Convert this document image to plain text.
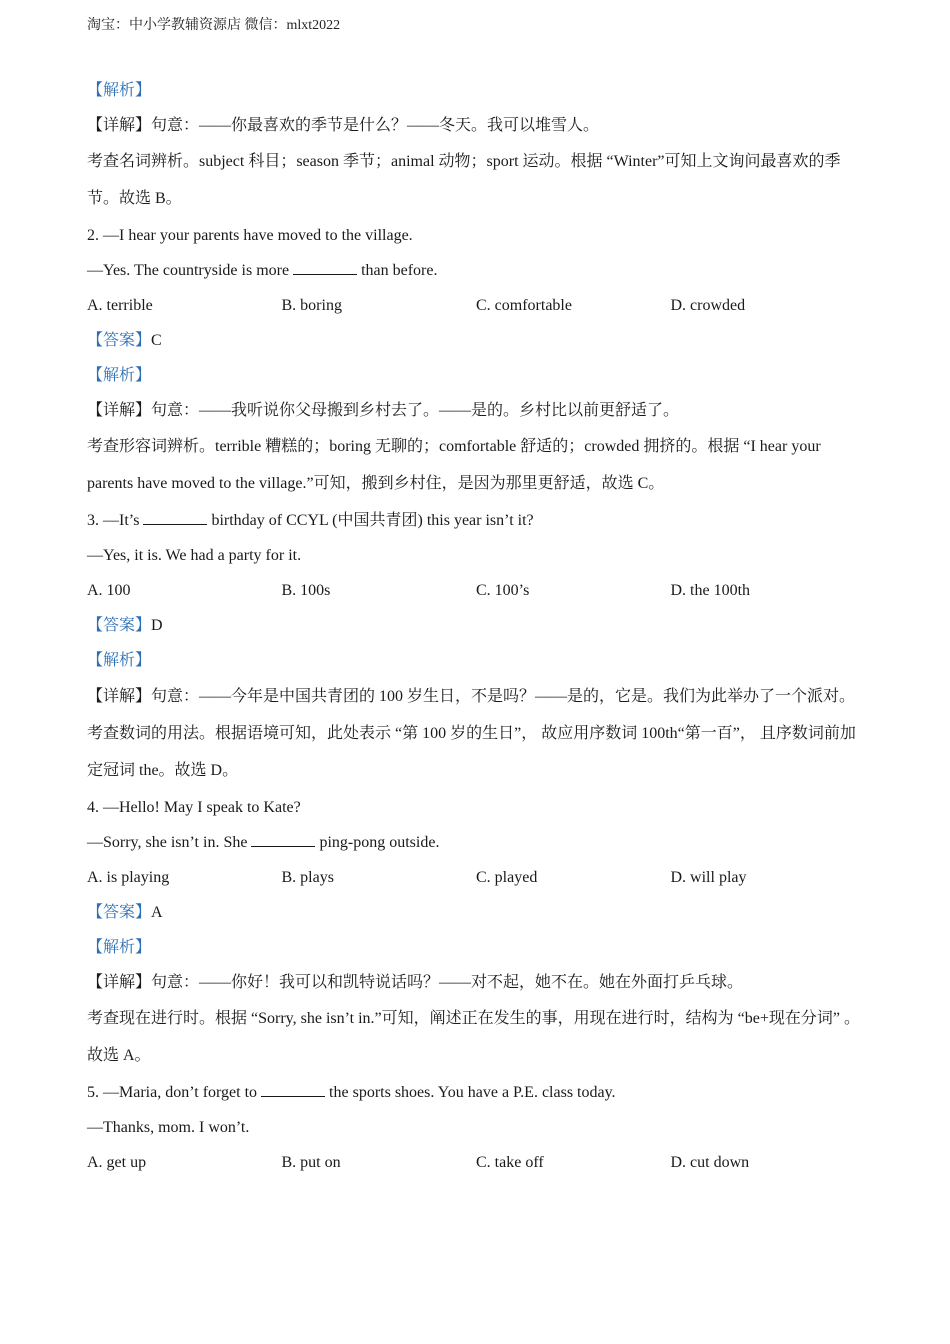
淘宝：中小学教辅资源店 微信：mlxt2022
【解析】
【详解】句意：——你最喜欢的季节是什么？——冬天。我可以堆雪人。
考查名词辨析。subject 科目；season 季节；animal 动物；sport 运动。根据 “Winter”可知上文询问最喜欢的季节。故选 B。
2. —I hear your parents have moved to the village.
—Yes. The countryside is more	than before.
A. terrible	B. boring	C. comfortable	D. crowded
【答案】C
【解析】
【详解】句意：——我听说你父母搬到乡村去了。——是的。乡村比以前更舒适了。
考查形容词辨析。terrible 糟糕的；boring 无聊的；comfortable 舒适的；crowded 拥挤的。根据 “I hear your parents have moved to the village.”可知，搬到乡村住，是因为那里更舒适，故选 C。
3. —It’s	birthday of CCYL (中国共青团) this year isn’t it?
—Yes, it is. We had a party for it.
A. 100	B. 100s	C. 100’s	D. the 100th
【答案】D
【解析】
【详解】句意：——今年是中国共青团的 100 岁生日，不是吗？——是的，它是。我们为此举办了一个派对。
考查数词的用法。根据语境可知，此处表示 “第 100 岁的生日”， 故应用序数词 100th“第一百”， 且序数词前加定冠词 the。故选 D。
4. —Hello! May I speak to Kate?
—Sorry, she isn’t in. She	ping-pong outside.
A. is playing	B. plays	C. played	D. will play
【答案】A
【解析】
【详解】句意：——你好！我可以和凯特说话吗？——对不起，她不在。她在外面打乒乓球。
考查现在进行时。根据 “Sorry, she isn’t in.”可知，阐述正在发生的事，用现在进行时，结构为 “be+现在分词” 。故选 A。
5. —Maria, don’t forget to	the sports shoes. You have a P.E. class today.
—Thanks, mom. I won’t.
A. get up	B. put on	C. take off	D. cut down
